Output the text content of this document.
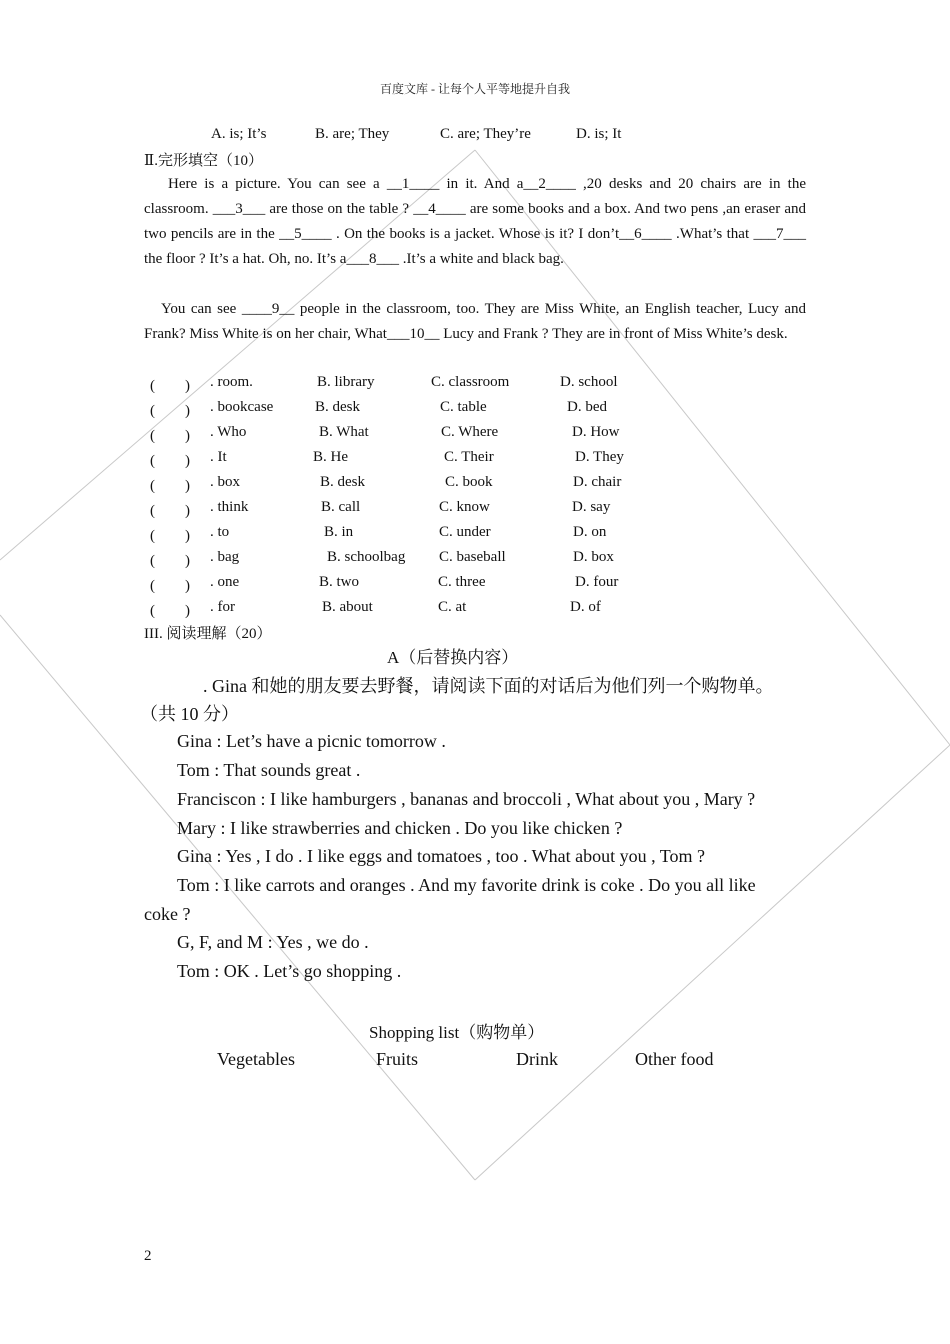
百度文库 - 让每个人平等地提升自我
A. is; It’s	B. are; They	C. are; They’re	D. is; It
Ⅱ.完形填空（10）
Here is a picture. You can see a __1____ in it. And a__2____ ,20 desks and 20 chairs are in the classroom. ___3___ are those on the table ? __4____ are some books and a box. And two pens ,an eraser and two pencils are in the __5____ . On the books is a jacket. Whose is it? I don’t__6____ .What’s that ___7___ the floor ? It’s a hat. Oh, no. It’s a___8___ .It’s a white and black bag.
You can see ____9__ people in the classroom, too. They are Miss White, an English teacher, Lucy and Frank? Miss White is on her chair, What___10__ Lucy and Frank ? They are in front of Miss White’s desk.
(　　) . room.	B. library	C. classroom	D. school
(　　) . bookcase	B. desk	C. table	D. bed
(　　) . Who	B. What	C. Where	D. How
(　　) . It	B. He	C. Their	D. They
(　　) . box	B. desk	C. book	D. chair
(　　) . think	B. call	C. know	D. say
(　　) . to	B. in	C. under	D. on
(　　) . bag	B. schoolbag C. baseball	D. box
(　　) . one	B. two	C. three	D. four
(　　) . for	B. about	C. at	D. of
III. 阅读理解（20）
A（后替换内容）
. Gina 和她的朋友要去野餐，请阅读下面的对话后为他们列一个购物单。
（共 10 分）
Gina : Let’s have a picnic tomorrow .
Tom : That sounds great .
Franciscon : I like hamburgers , bananas and broccoli , What about you , Mary ?
Mary : I like strawberries and chicken . Do you like chicken ?
Gina : Yes , I do . I like eggs and tomatoes , too . What about you , Tom ?
Tom : I like carrots and oranges . And my favorite drink is coke . Do you all like
coke ?
G, F, and M : Yes , we do .
Tom : OK . Let’s go shopping .
Shopping list（购物单）
Vegetables	Fruits	Drink	Other food
2
